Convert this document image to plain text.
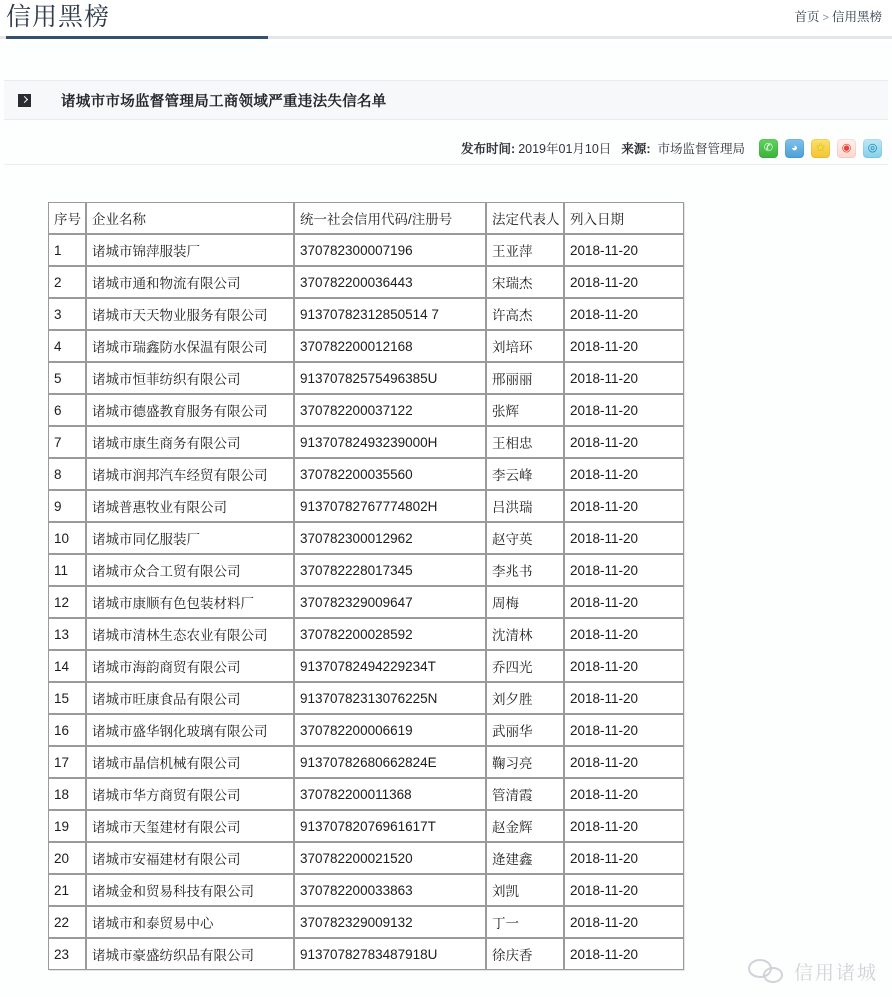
信用黑榜	首页 > 信用黑榜
诸城市市场监督管理局工商领域严重违法失信名单
发布时间: 2019年01月10日 来源: 市场监督管理局	✆	◕	★	◉	◎
序号	企业名称	统一社会信用代码/注册号	法定代表人	列入日期
1	诸城市锦萍服装厂	370782300007196	王亚萍	2018-11-20
2	诸城市通和物流有限公司	370782200036443	宋瑞杰	2018-11-20
3	诸城市天天物业服务有限公司	91370782312850514 7	许高杰	2018-11-20
4	诸城市瑞鑫防水保温有限公司	370782200012168	刘培环	2018-11-20
5	诸城市恒菲纺织有限公司	91370782575496385U	邢丽丽	2018-11-20
6	诸城市德盛教育服务有限公司	370782200037122	张辉	2018-11-20
7	诸城市康生商务有限公司	91370782493239000H	王相忠	2018-11-20
8	诸城市润邦汽车经贸有限公司	370782200035560	李云峰	2018-11-20
9	诸城普惠牧业有限公司	91370782767774802H	吕洪瑞	2018-11-20
10	诸城市同亿服装厂	370782300012962	赵守英	2018-11-20
11	诸城市众合工贸有限公司	370782228017345	李兆书	2018-11-20
12	诸城市康顺有色包装材料厂	370782329009647	周梅	2018-11-20
13	诸城市清林生态农业有限公司	370782200028592	沈清林	2018-11-20
14	诸城市海韵商贸有限公司	91370782494229234T	乔四光	2018-11-20
15	诸城市旺康食品有限公司	91370782313076225N	刘夕胜	2018-11-20
16	诸城市盛华钢化玻璃有限公司	370782200006619	武丽华	2018-11-20
17	诸城市晶信机械有限公司	91370782680662824E	鞠习亮	2018-11-20
18	诸城市华方商贸有限公司	370782200011368	管清霞	2018-11-20
19	诸城市天玺建材有限公司	91370782076961617T	赵金辉	2018-11-20
20	诸城市安福建材有限公司	370782200021520	逄建鑫	2018-11-20
21	诸城金和贸易科技有限公司	370782200033863	刘凯	2018-11-20
22	诸城市和泰贸易中心	370782329009132	丁一	2018-11-20
23	诸城市豪盛纺织品有限公司	91370782783487918U	徐庆香	2018-11-20
信用诸城
